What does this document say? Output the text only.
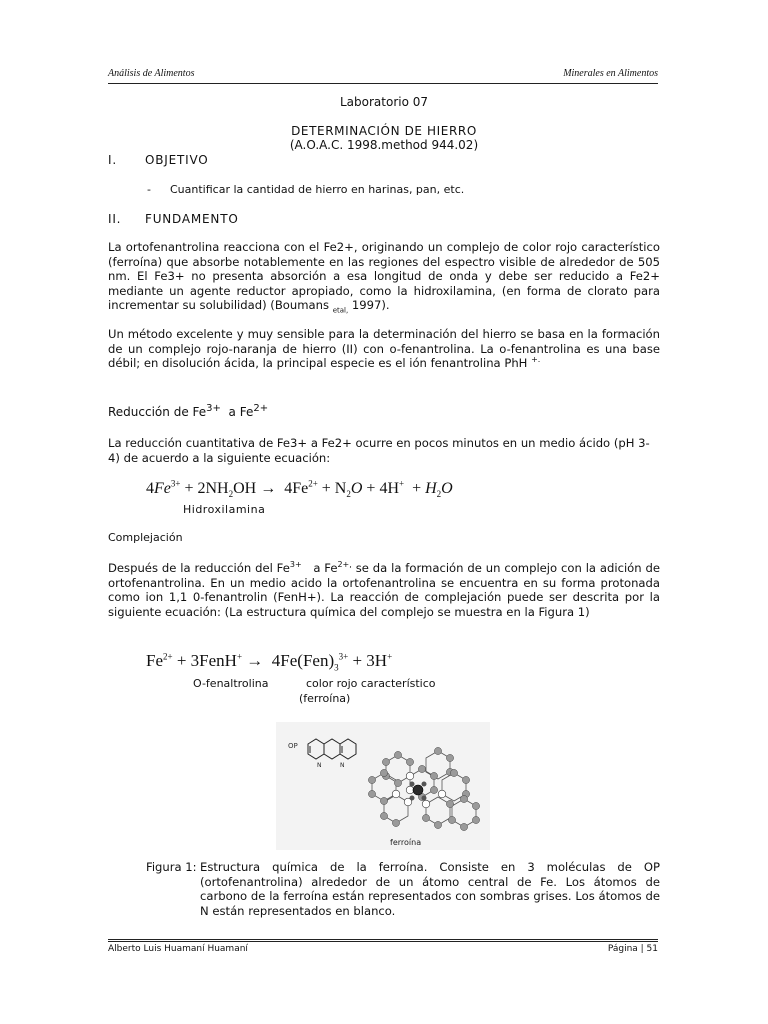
Análisis de Alimentos	Minerales en Alimentos
Laboratorio 07
DETERMINACIÓN DE HIERRO
(A.O.A.C. 1998.method 944.02)
I. OBJETIVO
- Cuantificar la cantidad de hierro en harinas, pan, etc.
II. FUNDAMENTO
La ortofenantrolina reacciona con el Fe2+, originando un complejo de color rojo característico (ferroína) que absorbe notablemente en las regiones del espectro visible de alrededor de 505 nm. El Fe3+ no presenta absorción a esa longitud de onda y debe ser reducido a Fe2+ mediante un agente reductor apropiado, como la hidroxilamina, (en forma de clorato para incrementar su solubilidad) (Boumans $_{etal,}$ 1997).
Un método excelente y muy sensible para la determinación del hierro se basa en la formación de un complejo rojo-naranja de hierro (II) con o-fenantrolina. La o-fenantrolina es una base débil; en disolución ácida, la principal especie es el ión fenantrolina PhH +.
Reducción de $Fe^{3+}$ a $Fe^{2+}$
La reducción cuantitativa de Fe3+ a Fe2+ ocurre en pocos minutos en un medio ácido (pH 3-4) de acuerdo a la siguiente ecuación:
$4Fe^{3+} + 2NH_2OH \to 4Fe^{2+} + N_2O + 4H^+ + H_2O$
Hidroxilamina
Complejación
Después de la reducción del $Fe^{3+}$ a $Fe^{2+,}$ se da la formación de un complejo con la adición de ortofenantrolina. En un medio acido la ortofenantrolina se encuentra en su forma protonada como ion 1,1 0-fenantrolin (FenH+). La reacción de complejación puede ser descrita por la siguiente ecuación: (La estructura química del complejo se muestra en la Figura 1)
$Fe^{2+}$ + 3FenH+ →  $4Fe(Fen)_3^{3+} + 3H^+$
O-fenaltrolina	color rojo característico
(ferroína)
OP
N	N
ferroína
Figura 1: Estructura química de la ferroína. Consiste en 3 moléculas de OP (ortofenantrolina) alrededor de un átomo central de Fe. Los átomos de carbono de la ferroína están representados con sombras grises. Los átomos de N están representados en blanco.
Alberto Luis Huamaní Huamaní	Página | 51
